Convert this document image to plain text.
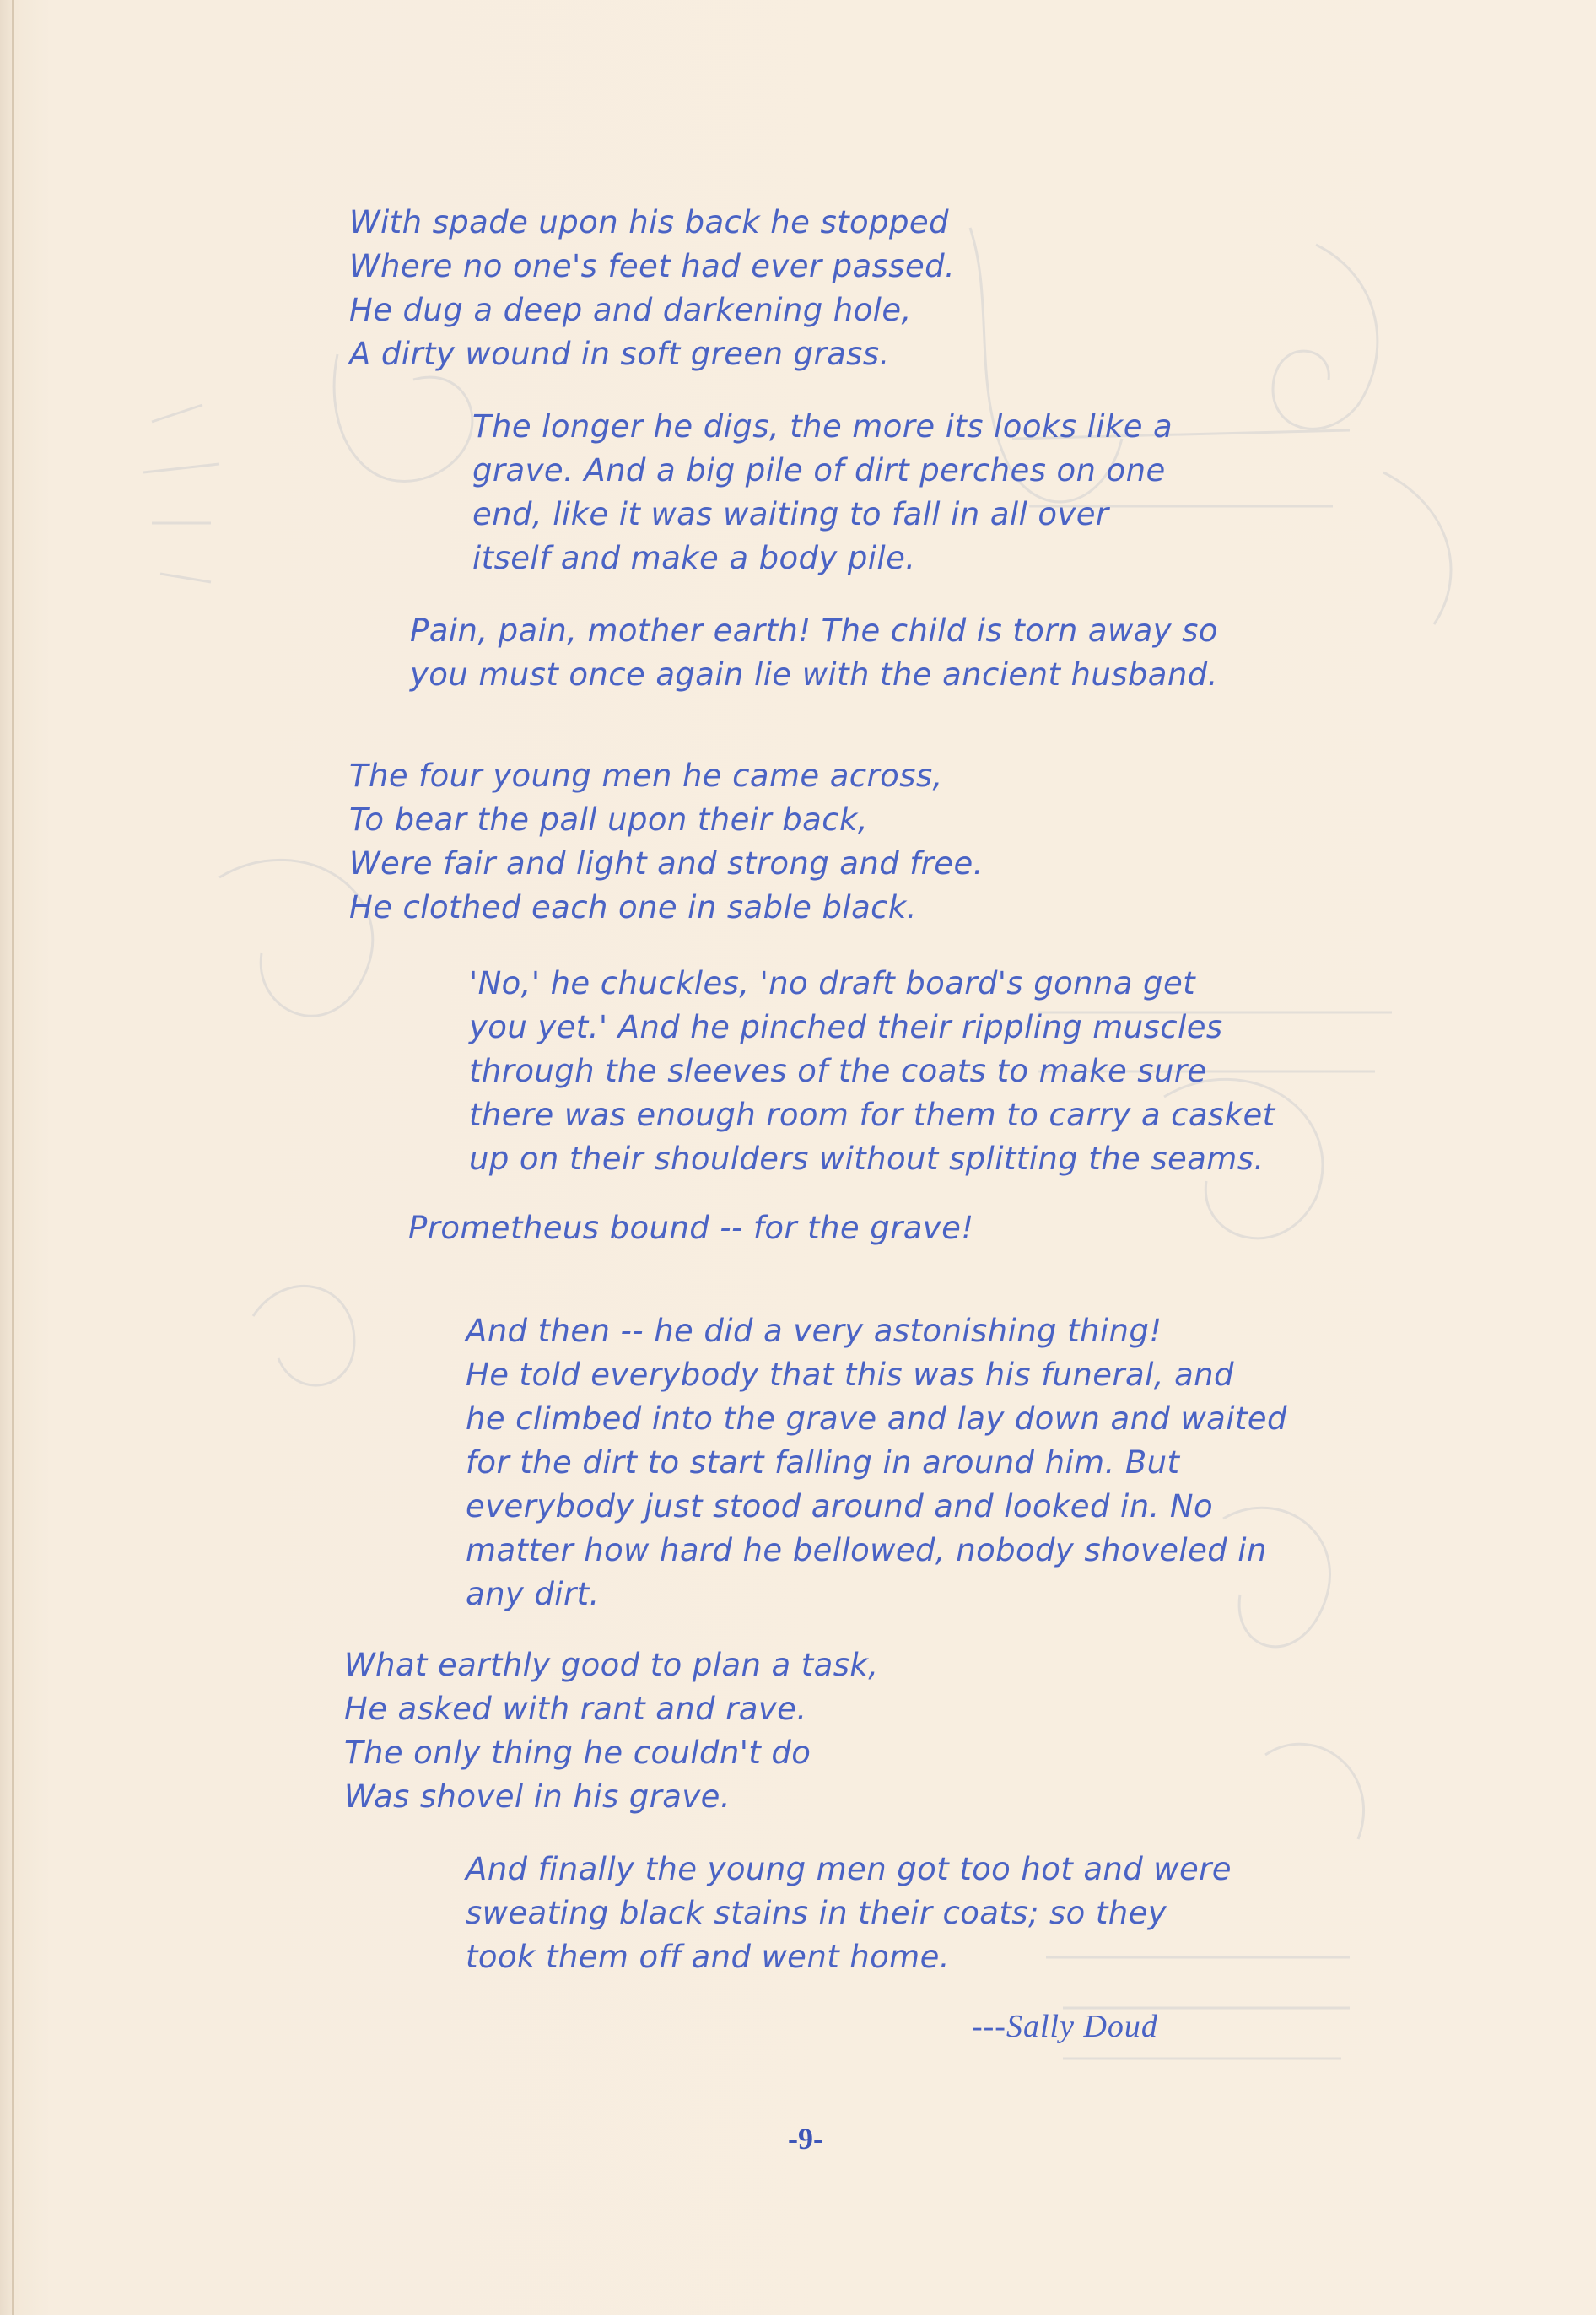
With spade upon his back he stopped

Where no one's feet had ever passed.

He dug a deep and darkening hole,

A dirty wound in soft green grass.

The longer he digs, the more its looks like a

grave. And a big pile of dirt perches on one

end, like it was waiting to fall in all over

itself and make a body pile.

Pain, pain, mother earth! The child is torn away so

you must once again lie with the ancient husband.

The four young men he came across,

To bear the pall upon their back,

Were fair and light and strong and free.

He clothed each one in sable black.

'No,' he chuckles, 'no draft board's gonna get

you yet.' And he pinched their rippling muscles

through the sleeves of the coats to make sure

there was enough room for them to carry a casket

up on their shoulders without splitting the seams.

Prometheus bound -- for the grave!

And then -- he did a very astonishing thing!

He told everybody that this was his funeral, and

he climbed into the grave and lay down and waited

for the dirt to start falling in around him. But

everybody just stood around and looked in. No

matter how hard he bellowed, nobody shoveled in

any dirt.

What earthly good to plan a task,

He asked with rant and rave.

The only thing he couldn't do

Was shovel in his grave.

And finally the young men got too hot and were

sweating black stains in their coats; so they

took them off and went home.

---Sally Doud

-9-
